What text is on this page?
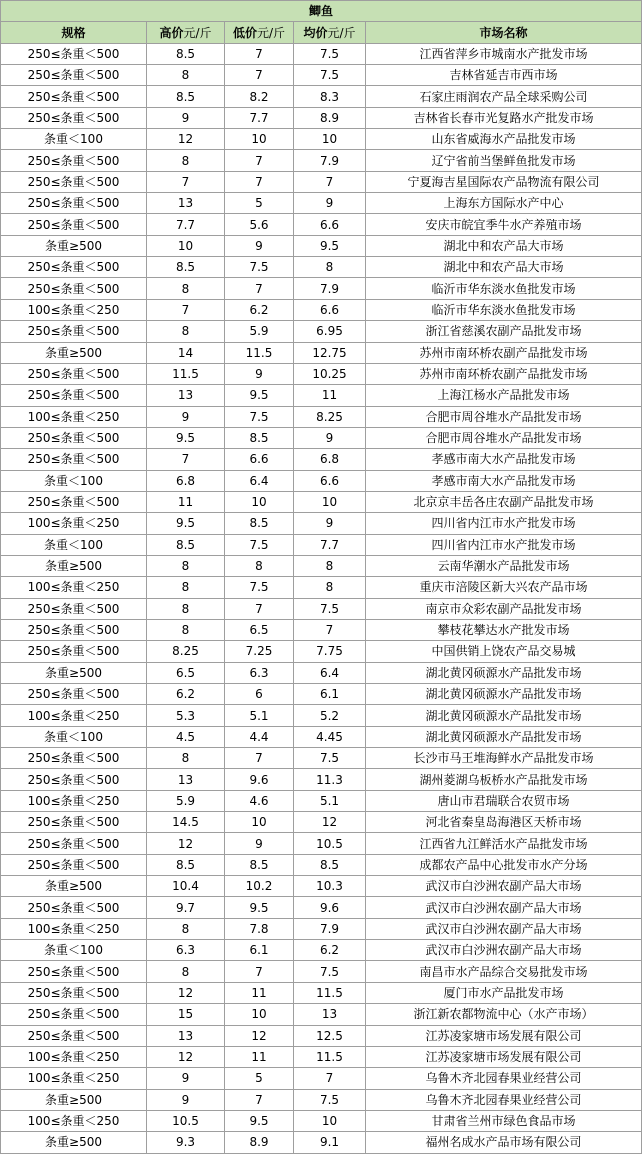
鲫鱼				
规格	高价元/斤	低价元/斤	均价元/斤	市场名称
250≤条重＜500	8.5	7	7.5	江西省萍乡市城南水产批发市场
250≤条重＜500	8	7	7.5	吉林省延吉市西市场
250≤条重＜500	8.5	8.2	8.3	石家庄雨润农产品全球采购公司
250≤条重＜500	9	7.7	8.9	吉林省长春市光复路水产批发市场
条重＜100	12	10	10	山东省威海水产品批发市场
250≤条重＜500	8	7	7.9	辽宁省前当堡鲜鱼批发市场
250≤条重＜500	7	7	7	宁夏海吉星国际农产品物流有限公司
250≤条重＜500	13	5	9	上海东方国际水产中心
250≤条重＜500	7.7	5.6	6.6	安庆市皖宜季牛水产养殖市场
条重≥500	10	9	9.5	湖北中和农产品大市场
250≤条重＜500	8.5	7.5	8	湖北中和农产品大市场
250≤条重＜500	8	7	7.9	临沂市华东淡水鱼批发市场
100≤条重＜250	7	6.2	6.6	临沂市华东淡水鱼批发市场
250≤条重＜500	8	5.9	6.95	浙江省慈溪农副产品批发市场
条重≥500	14	11.5	12.75	苏州市南环桥农副产品批发市场
250≤条重＜500	11.5	9	10.25	苏州市南环桥农副产品批发市场
250≤条重＜500	13	9.5	11	上海江杨水产品批发市场
100≤条重＜250	9	7.5	8.25	合肥市周谷堆水产品批发市场
250≤条重＜500	9.5	8.5	9	合肥市周谷堆水产品批发市场
250≤条重＜500	7	6.6	6.8	孝感市南大水产品批发市场
条重＜100	6.8	6.4	6.6	孝感市南大水产品批发市场
250≤条重＜500	11	10	10	北京京丰岳各庄农副产品批发市场
100≤条重＜250	9.5	8.5	9	四川省内江市水产批发市场
条重＜100	8.5	7.5	7.7	四川省内江市水产批发市场
条重≥500	8	8	8	云南华潮水产品批发市场
100≤条重＜250	8	7.5	8	重庆市涪陵区新大兴农产品市场
250≤条重＜500	8	7	7.5	南京市众彩农副产品批发市场
250≤条重＜500	8	6.5	7	攀枝花攀达水产批发市场
250≤条重＜500	8.25	7.25	7.75	中国供销上饶农产品交易城
条重≥500	6.5	6.3	6.4	湖北黄冈硕源水产品批发市场
250≤条重＜500	6.2	6	6.1	湖北黄冈硕源水产品批发市场
100≤条重＜250	5.3	5.1	5.2	湖北黄冈硕源水产品批发市场
条重＜100	4.5	4.4	4.45	湖北黄冈硕源水产品批发市场
250≤条重＜500	8	7	7.5	长沙市马王堆海鲜水产品批发市场
250≤条重＜500	13	9.6	11.3	湖州菱湖乌板桥水产品批发市场
100≤条重＜250	5.9	4.6	5.1	唐山市君瑞联合农贸市场
250≤条重＜500	14.5	10	12	河北省秦皇岛海港区天桥市场
250≤条重＜500	12	9	10.5	江西省九江鲜活水产品批发市场
250≤条重＜500	8.5	8.5	8.5	成都农产品中心批发市水产分场
条重≥500	10.4	10.2	10.3	武汉市白沙洲农副产品大市场
250≤条重＜500	9.7	9.5	9.6	武汉市白沙洲农副产品大市场
100≤条重＜250	8	7.8	7.9	武汉市白沙洲农副产品大市场
条重＜100	6.3	6.1	6.2	武汉市白沙洲农副产品大市场
250≤条重＜500	8	7	7.5	南昌市水产品综合交易批发市场
250≤条重＜500	12	11	11.5	厦门市水产品批发市场
250≤条重＜500	15	10	13	浙江新农都物流中心（水产市场）
250≤条重＜500	13	12	12.5	江苏凌家塘市场发展有限公司
100≤条重＜250	12	11	11.5	江苏凌家塘市场发展有限公司
100≤条重＜250	9	5	7	乌鲁木齐北园春果业经营公司
条重≥500	9	7	7.5	乌鲁木齐北园春果业经营公司
100≤条重＜250	10.5	9.5	10	甘肃省兰州市绿色食品市场
条重≥500	9.3	8.9	9.1	福州名成水产品市场有限公司
